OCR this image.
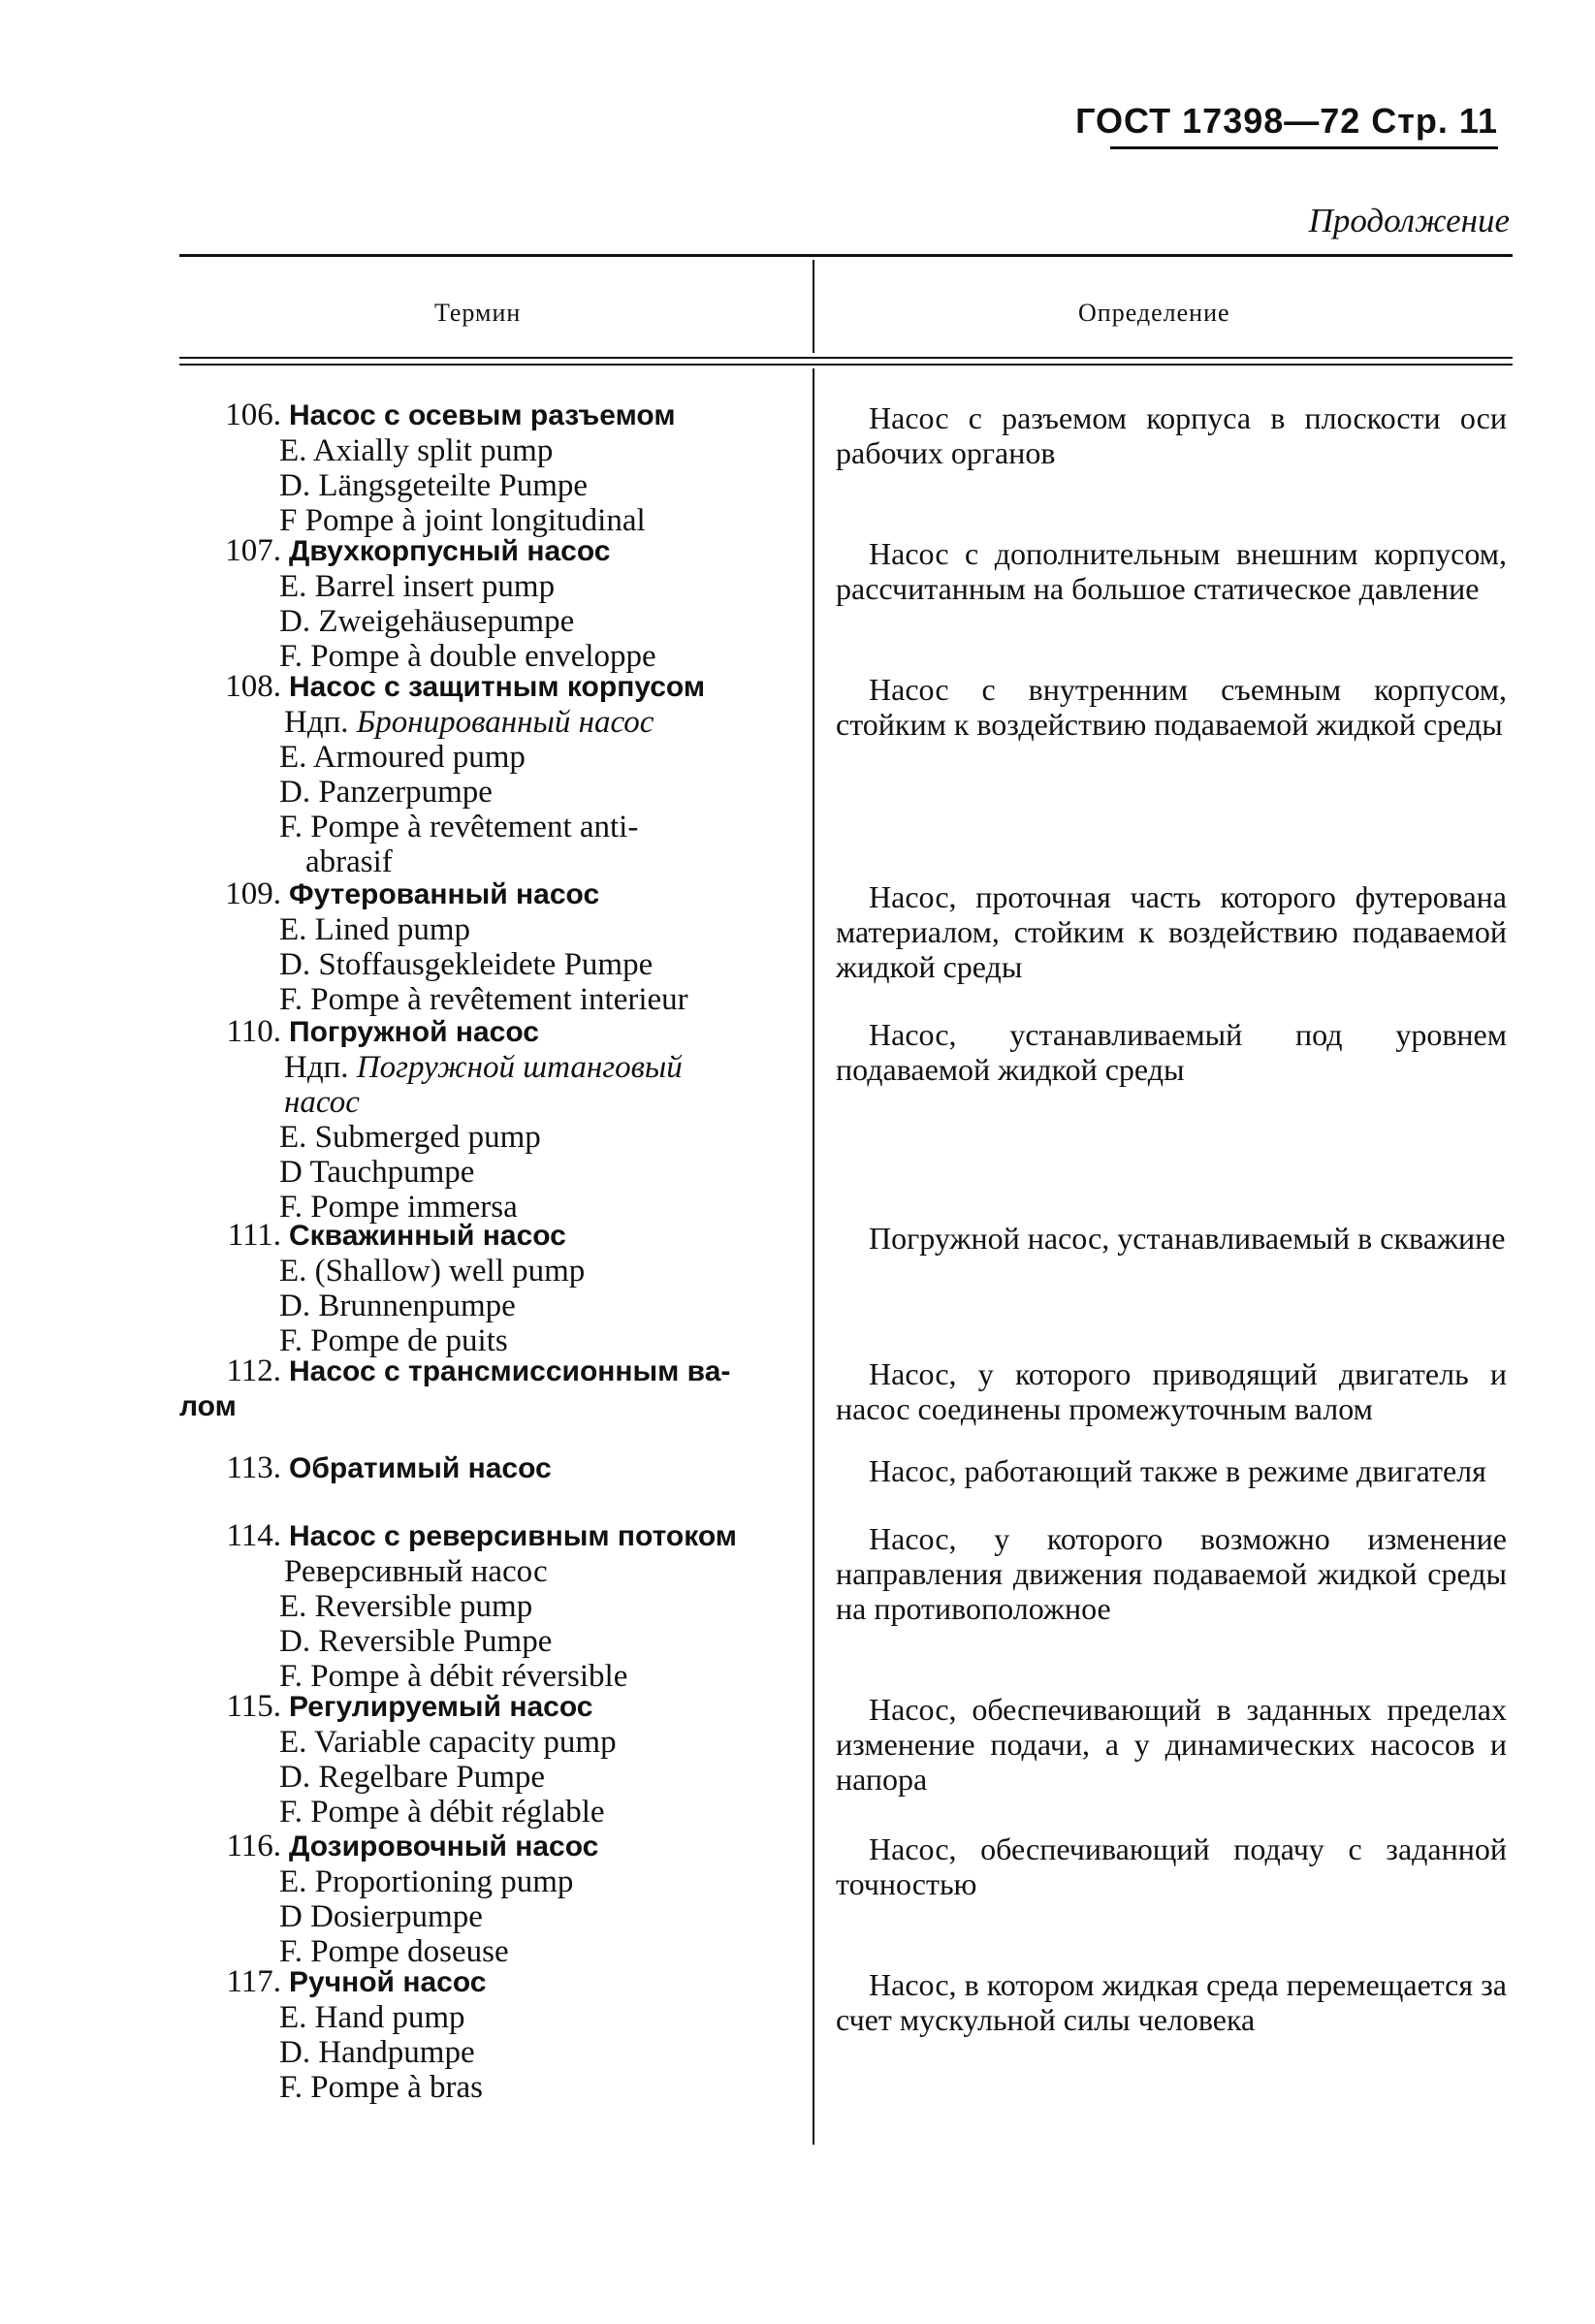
ГОСТ 17398—72 Стр. 11
Продолжение
Термин	Определение
106. Насос с осевым разъемом
E. Axially split pump
D. Längsgeteilte Pumpe
F Pompe à joint longitudinal
Насос с разъемом корпуса в плоскости оси рабочих органов
107. Двухкорпусный насос
E. Barrel insert pump
D. Zweigehäusepumpe
F. Pompe à double enveloppe
Насос с дополнительным внешним корпусом, рассчитанным на большое статическое давление
108. Насос с защитным корпусом
Ндп. Бронированный насос
E. Armoured pump
D. Panzerpumpe
F. Pompe à revêtement anti-
abrasif
Насос с внутренним съемным корпусом, стойким к воздействию подаваемой жидкой среды
109. Футерованный насос
E. Lined pump
D. Stoffausgekleidete Pumpe
F. Pompe à revêtement interieur
Насос, проточная часть которого футерована материалом, стойким к воздействию подаваемой жидкой среды
110. Погружной насос
Ндп. Погружной штанговый
насос
E. Submerged pump
D Tauchpumpe
F. Pompe immersa
Насос, устанавливаемый под уровнем подаваемой жидкой среды
111. Скважинный насос
E. (Shallow) well pump
D. Brunnenpumpe
F. Pompe de puits
Погружной насос, устанавливаемый в скважине
112. Насос с трансмиссионным ва-
лом
Насос, у которого приводящий двигатель и насос соединены промежуточным валом
113. Обратимый насос	Насос, работающий также в режиме двигателя
114. Насос с реверсивным потоком
Реверсивный насос
E. Reversible pump
D. Reversible Pumpe
F. Pompe à débit réversible
Насос, у которого возможно изменение направления движения подаваемой жидкой среды на противоположное
115. Регулируемый насос
E. Variable capacity pump
D. Regelbare Pumpe
F. Pompe à débit réglable
Насос, обеспечивающий в заданных пределах изменение подачи, а у динамических насосов и напора
116. Дозировочный насос
E. Proportioning pump
D Dosierpumpe
F. Pompe doseuse
Насос, обеспечивающий подачу с заданной точностью
117. Ручной насос
E. Hand pump
D. Handpumpe
F. Pompe à bras
Насос, в котором жидкая среда перемещается за счет мускульной силы человека
